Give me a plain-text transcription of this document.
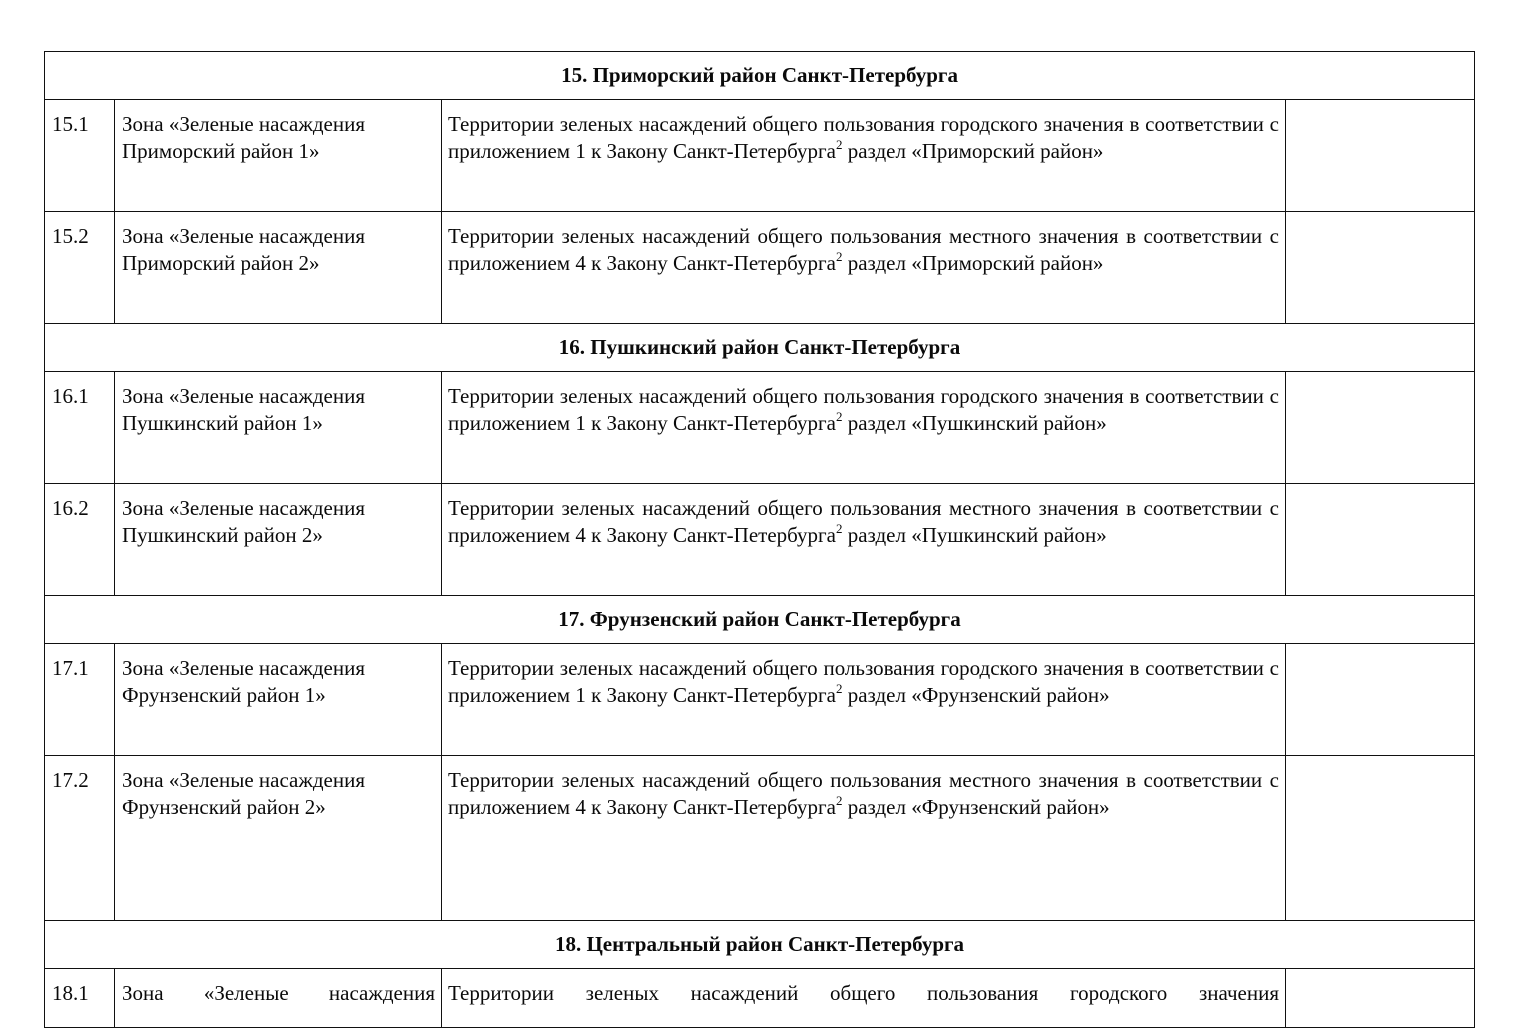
15. Приморский район Санкт-Петербурга			
15.1	Зона «Зеленые насаждения Приморский район 1»	Территории зеленых насаждений общего пользования городского значения в соответствии с приложением 1 к Закону Санкт-Петербурга$^2$ раздел «Приморский район»	
15.2	Зона «Зеленые насаждения Приморский район 2»	Территории зеленых насаждений общего пользования местного значения в соответствии с приложением 4 к Закону Санкт-Петербурга$^2$ раздел «Приморский район»	
16. Пушкинский район Санкт-Петербурга			
16.1	Зона «Зеленые насаждения Пушкинский район 1»	Территории зеленых насаждений общего пользования городского значения в соответствии с приложением 1 к Закону Санкт-Петербурга$^2$ раздел «Пушкинский район»	
16.2	Зона «Зеленые насаждения Пушкинский район 2»	Территории зеленых насаждений общего пользования местного значения в соответствии с приложением 4 к Закону Санкт-Петербурга$^2$ раздел «Пушкинский район»	
17. Фрунзенский район Санкт-Петербурга			
17.1	Зона «Зеленые насаждения Фрунзенский район 1»	Территории зеленых насаждений общего пользования городского значения в соответствии с приложением 1 к Закону Санкт-Петербурга$^2$ раздел «Фрунзенский район»	
17.2	Зона «Зеленые насаждения Фрунзенский район 2»	Территории зеленых насаждений общего пользования местного значения в соответствии с приложением 4 к Закону Санкт-Петербурга$^2$ раздел «Фрунзенский район»	
18. Центральный район Санкт-Петербурга			
18.1	Зона «Зеленые насаждения	Территории зеленых насаждений общего пользования городского значения	
